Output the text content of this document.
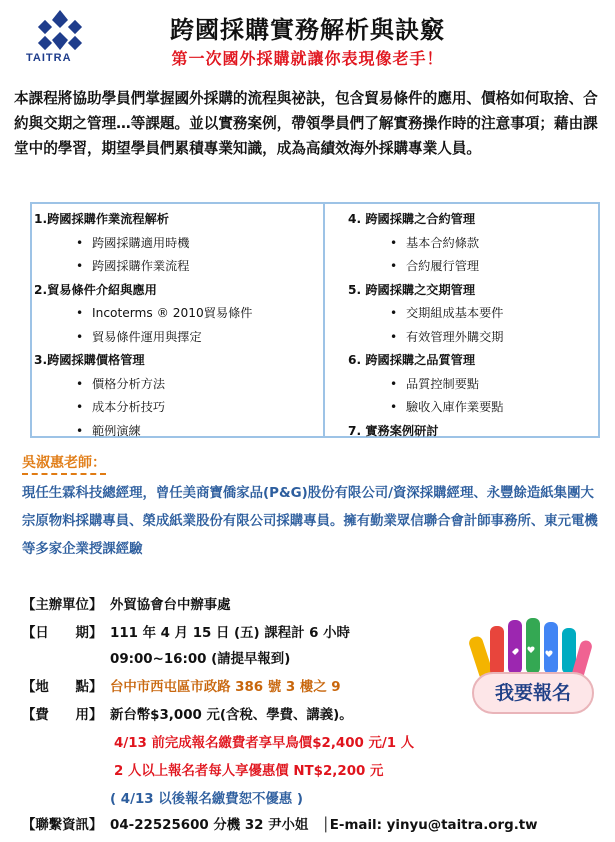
TAITRA
跨國採購實務解析與訣竅
第一次國外採購就讓你表現像老手！
本課程將協助學員們掌握國外採購的流程與祕訣，包含貿易條件的應用、價格如何取捨、合約與交期之管理…等課題。並以實務案例，帶領學員們了解實務操作時的注意事項；藉由課堂中的學習，期望學員們累積專業知識，成為高績效海外採購專業人員。
1.跨國採購作業流程解析
• 跨國採購適用時機
• 跨國採購作業流程
2.貿易條件介紹與應用
• Incoterms ® 2010貿易條件
• 貿易條件運用與擇定
3.跨國採購價格管理
• 價格分析方法
• 成本分析技巧
• 範例演練
4. 跨國採購之合約管理
• 基本合約條款
• 合約履行管理
5. 跨國採購之交期管理
• 交期組成基本要件
• 有效管理外購交期
6. 跨國採購之品質管理
• 品質控制要點
• 驗收入庫作業要點
7. 實務案例研討
吳淑惠老師：
現任生霖科技總經理，曾任美商寶僑家品(P&G)股份有限公司/資深採購經理、永豐餘造紙集團大宗原物料採購專員、榮成紙業股份有限公司採購專員。擁有勤業眾信聯合會計師事務所、東元電機等多家企業授課經驗
【主辦單位】 外貿協會台中辦事處
【日　　期】 111 年 4 月 15 日 (五) 課程計 6 小時
09:00~16:00 (請提早報到)
【地　　點】 台中市西屯區市政路 386 號 3 樓之 9
【費　　用】 新台幣$3,000 元(含稅、學費、講義)。
4/13 前完成報名繳費者享早鳥價$2,400 元/1 人
2 人以上報名者每人享優惠價 NT$2,200 元
( 4/13 以後報名繳費恕不優惠 )
【聯繫資訊】 04-22525600 分機 32 尹小姐　│E-mail: yinyu@taitra.org.tw
我要報名
